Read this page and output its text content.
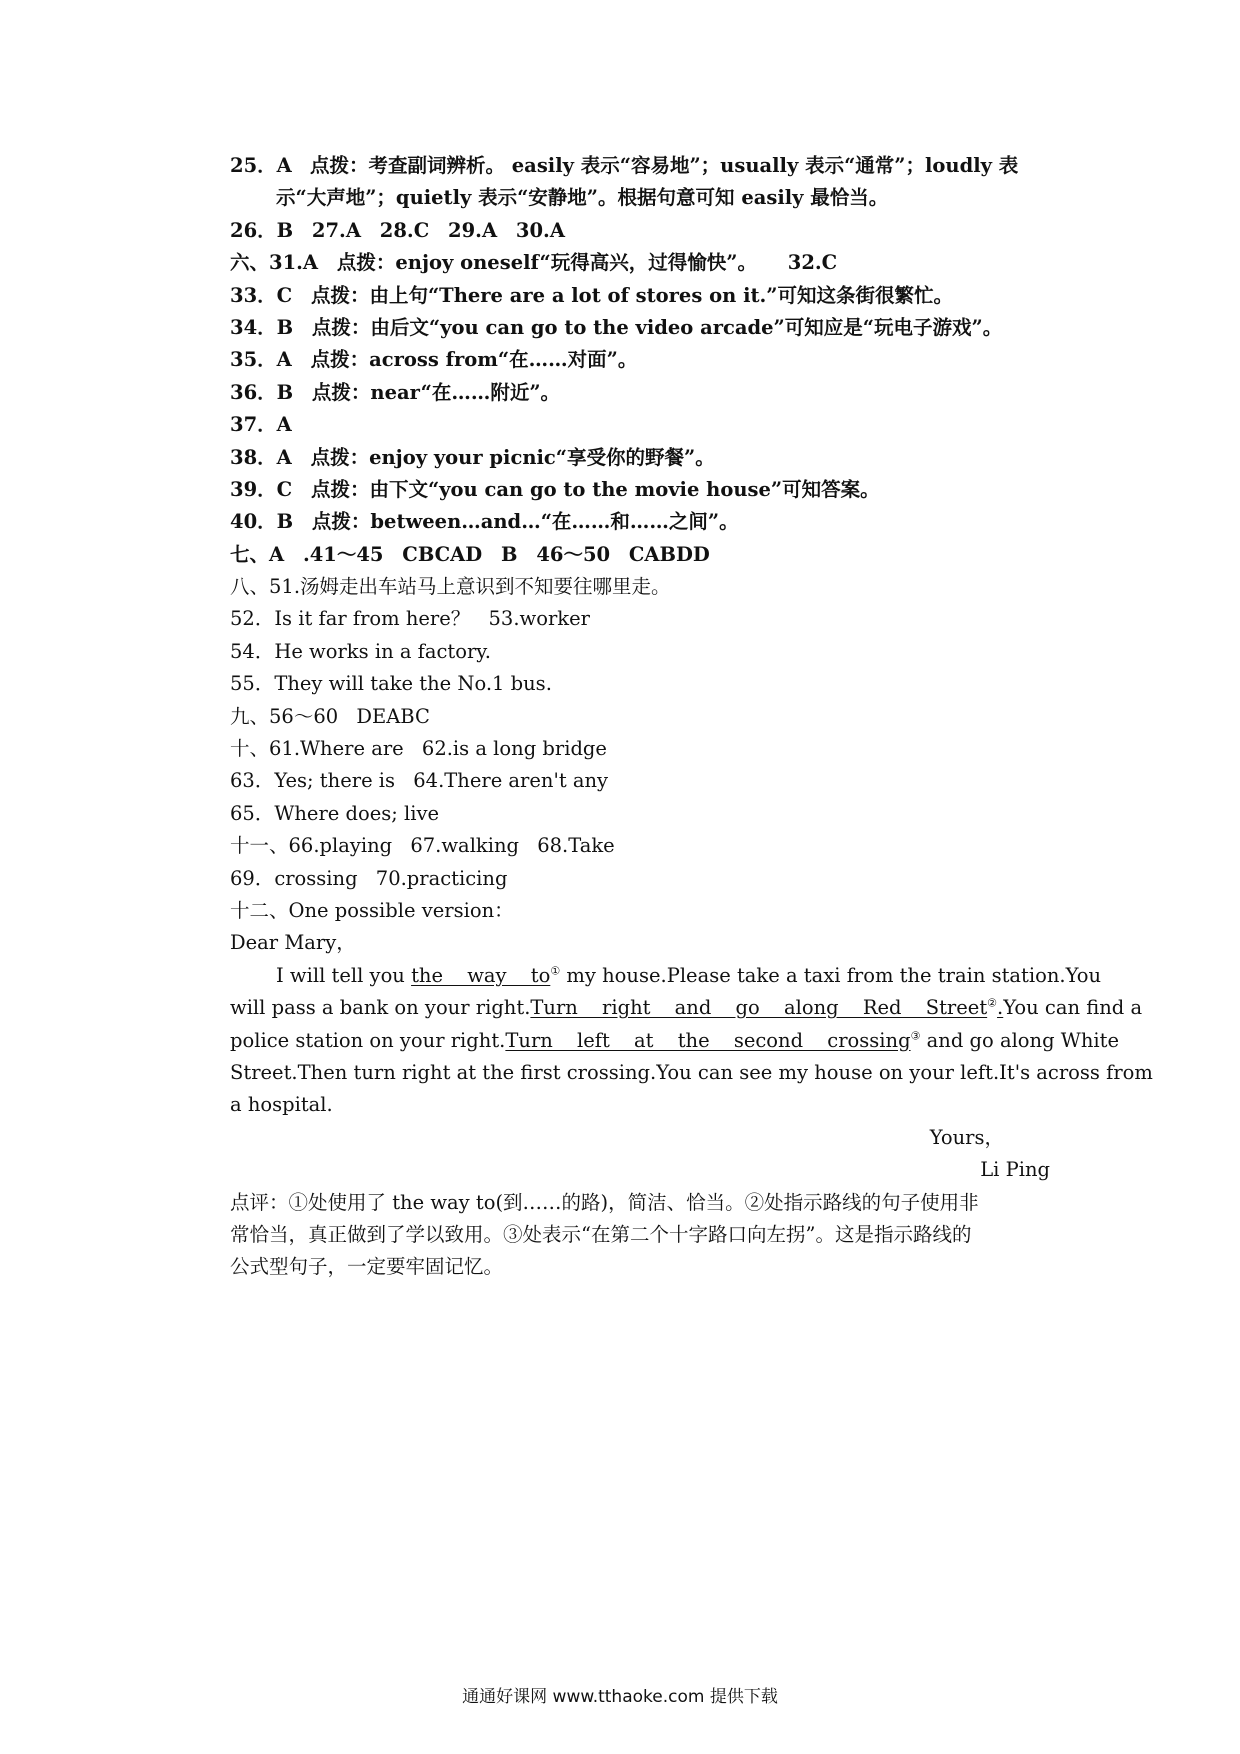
25．A 点拨：考查副词辨析。 easily 表示“容易地”；usually 表示“通常”；loudly 表
示“大声地”；quietly 表示“安静地”。根据句意可知 easily 最恰当。
26．B 27.A 28.C 29.A 30.A
六、31.A 点拨：enjoy oneself“玩得高兴，过得愉快”。 32.C
33．C 点拨：由上句“There are a lot of stores on it.”可知这条街很繁忙。
34．B 点拨：由后文“you can go to the video arcade”可知应是“玩电子游戏”。
35．A 点拨：across from“在……对面”。
36．B 点拨：near“在……附近”。
37．A
38．A 点拨：enjoy your picnic“享受你的野餐”。
39．C 点拨：由下文“you can go to the movie house”可知答案。
40．B 点拨：between…and…“在……和……之间”。
七、A .41～45 CBCAD B 46～50 CABDD
八、51.汤姆走出车站马上意识到不知要往哪里走。
52．Is it far from here？ 53.worker
54．He works in a factory.
55．They will take the No.1 bus.
九、56～60 DEABC
十、61.Where are 62.is a long bridge
63．Yes; there is 64.There aren't any
65．Where does; live
十一、66.playing 67.walking 68.Take
69．crossing 70.practicing
十二、One possible version：
Dear Mary，
I will tell you the way to① my house.Please take a taxi from the train station.You
will pass a bank on your right.Turn right and go along Red Street②.You can find a
police station on your right.Turn left at the second crossing③ and go along White
Street.Then turn right at the first crossing.You can see my house on your left.It's across from
a hospital.
Yours，
Li Ping
点评：①处使用了 the way to(到……的路)，简洁、恰当。②处指示路线的句子使用非
常恰当，真正做到了学以致用。③处表示“在第二个十字路口向左拐”。这是指示路线的
公式型句子，一定要牢固记忆。
通通好课网 www.tthaoke.com 提供下载
